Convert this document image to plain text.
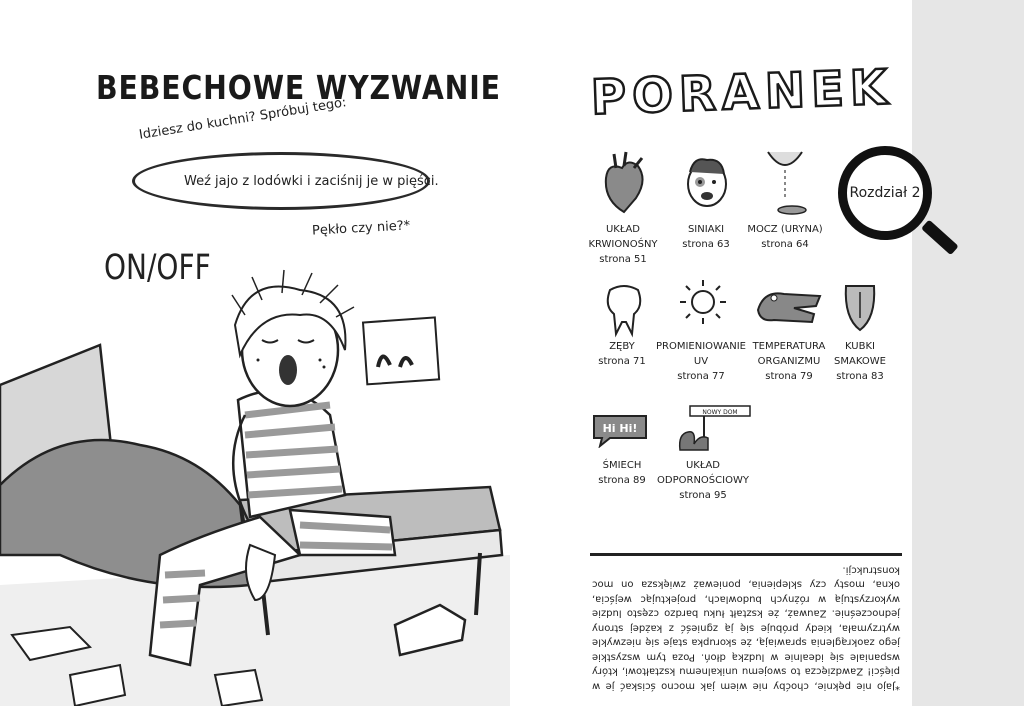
BEBECHOWE WYZWANIE
Idziesz do kuchni? Spróbuj tego:
Weź jajo z lodówki i zaciśnij je w pięści.
Pękło czy nie?*
ON/OFF
PORANEK
Rozdział 2
Hi Hi!
NOWY DOM
UKŁAD
KRWIONOŚNY
strona 51
SINIAKI
strona 63
MOCZ (URYNA)
strona 64
ZĘBY
strona 71
PROMIENIOWANIE
UV
strona 77
TEMPERATURA
ORGANIZMU
strona 79
KUBKI
SMAKOWE
strona 83
ŚMIECH
strona 89
UKŁAD
ODPORNOŚCIOWY
strona 95
*Jajo nie pęknie, choćby nie wiem jak mocno ściskać je w pięści! Zawdzięcza to swojemu unikalnemu kształtowi, który wspaniale się idealnie w ludzką dłoń. Poza tym wszystkie jego zaokrąglenia sprawiają, że skorupka staje się niezwykle wytrzymała, kiedy próbuje się ją zgnieść z każdej strony jednocześnie. Zauważ, że kształt łuku bardzo często ludzie wykorzystują w różnych budowlach, projektując wejścia, okna, mosty czy sklepienia, ponieważ zwiększa on moc konstrukcji.
